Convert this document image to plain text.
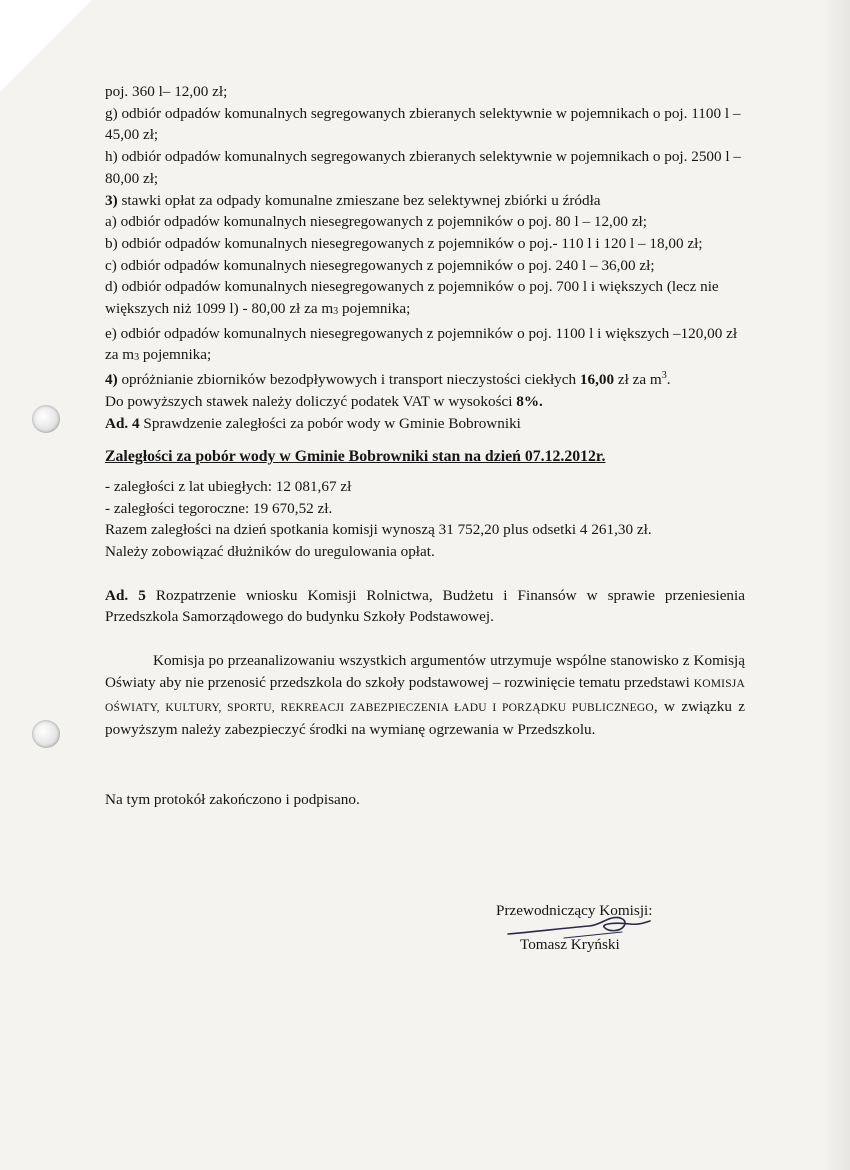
poj. 360 l– 12,00 zł;

g) odbiór odpadów komunalnych segregowanych zbieranych selektywnie w pojemnikach o poj. 1100 l – 45,00 zł;

h) odbiór odpadów komunalnych segregowanych zbieranych selektywnie w pojemnikach o poj. 2500 l – 80,00 zł;

3) stawki opłat za odpady komunalne zmieszane bez selektywnej zbiórki u źródła

a) odbiór odpadów komunalnych niesegregowanych z pojemników o poj. 80 l – 12,00 zł;

b) odbiór odpadów komunalnych niesegregowanych z pojemników o poj.- 110 l i 120 l – 18,00 zł;

c) odbiór odpadów komunalnych niesegregowanych z pojemników o poj. 240 l – 36,00 zł;

d) odbiór odpadów komunalnych niesegregowanych z pojemników o poj. 700 l i większych (lecz nie większych niż 1099 l) - 80,00 zł za m3 pojemnika;

e) odbiór odpadów komunalnych niesegregowanych z pojemników o poj. 1100 l i większych –120,00 zł za m3 pojemnika;

4) opróżnianie zbiorników bezodpływowych i transport nieczystości ciekłych 16,00 zł za $m^3$.

Do powyższych stawek należy doliczyć podatek VAT w wysokości 8%.

Ad. 4 Sprawdzenie zaległości za pobór wody w Gminie Bobrowniki

Zaległości za pobór wody w Gminie Bobrowniki stan na dzień 07.12.2012r.

- zaległości z lat ubiegłych: 12 081,67 zł

- zaległości tegoroczne: 19 670,52 zł.

Razem zaległości na dzień spotkania komisji wynoszą 31 752,20 plus odsetki 4 261,30 zł.

Należy zobowiązać dłużników do uregulowania opłat.

Ad. 5 Rozpatrzenie wniosku Komisji Rolnictwa, Budżetu i Finansów w sprawie przeniesienia Przedszkola Samorządowego do budynku Szkoły Podstawowej.

Komisja po przeanalizowaniu wszystkich argumentów utrzymuje wspólne stanowisko z Komisją Oświaty aby nie przenosić przedszkola do szkoły podstawowej – rozwinięcie tematu przedstawi KOMISJA OŚWIATY, KULTURY, SPORTU, REKREACJI ZABEZPIECZENIA ŁADU I PORZĄDKU PUBLICZNEGO, w związku z powyższym należy zabezpieczyć środki na wymianę ogrzewania w Przedszkolu.

Na tym protokół zakończono i podpisano.

Przewodniczący Komisji:

Tomasz Kryński
